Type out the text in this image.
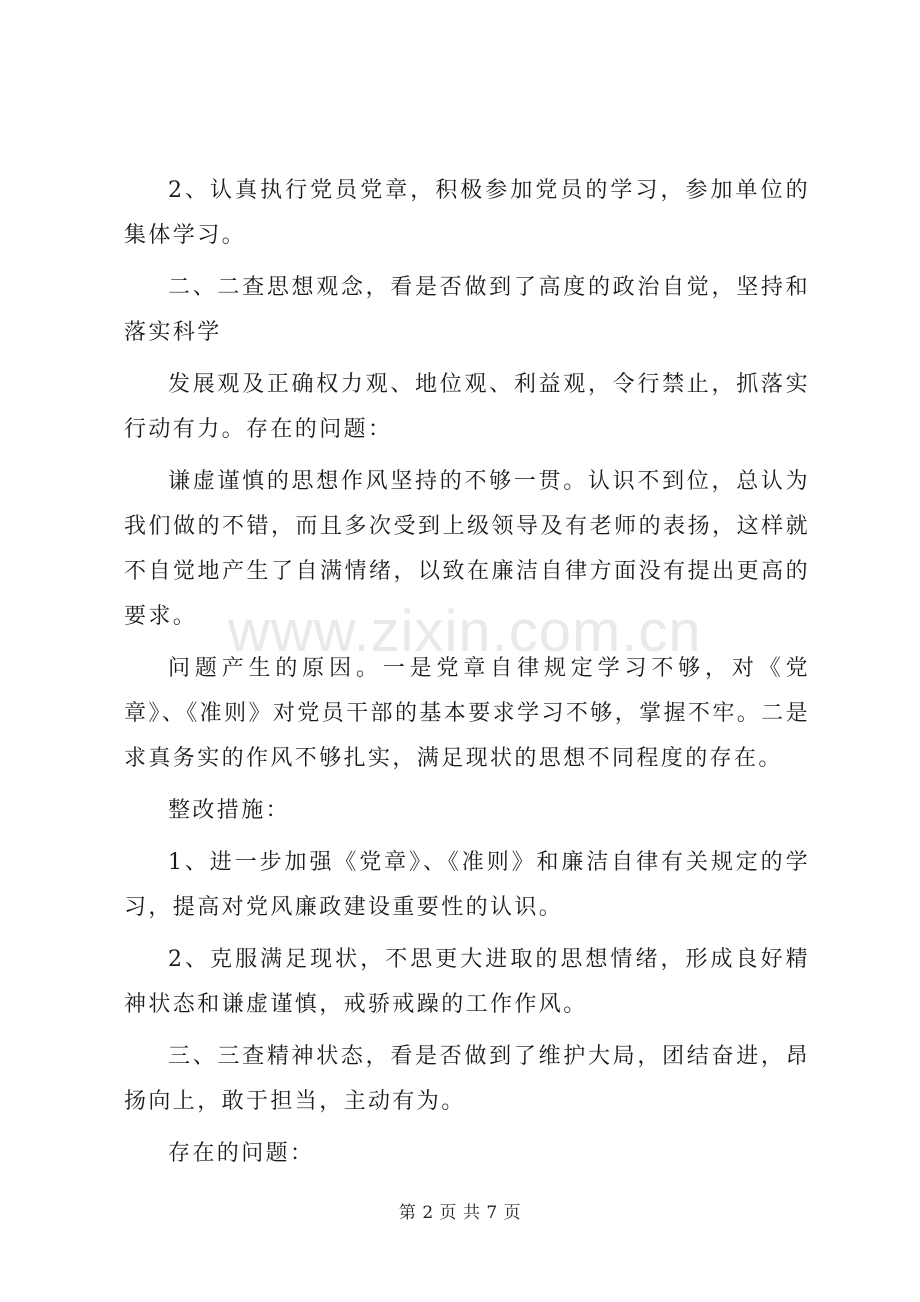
www.zixin.com.cn

2、认真执行党员党章，积极参加党员的学习，参加单位的集体学习。

二、二查思想观念，看是否做到了高度的政治自觉，坚持和落实科学

发展观及正确权力观、地位观、利益观，令行禁止，抓落实行动有力。存在的问题：

谦虚谨慎的思想作风坚持的不够一贯。认识不到位，总认为我们做的不错，而且多次受到上级领导及有老师的表扬，这样就不自觉地产生了自满情绪，以致在廉洁自律方面没有提出更高的要求。

问题产生的原因。一是党章自律规定学习不够，对《党章》、《准则》对党员干部的基本要求学习不够，掌握不牢。二是求真务实的作风不够扎实，满足现状的思想不同程度的存在。

整改措施：

1、进一步加强《党章》、《准则》和廉洁自律有关规定的学习，提高对党风廉政建设重要性的认识。

2、克服满足现状，不思更大进取的思想情绪，形成良好精神状态和谦虚谨慎，戒骄戒躁的工作作风。

三、三查精神状态，看是否做到了维护大局，团结奋进，昂扬向上，敢于担当，主动有为。

存在的问题：

第 2 页 共 7 页
